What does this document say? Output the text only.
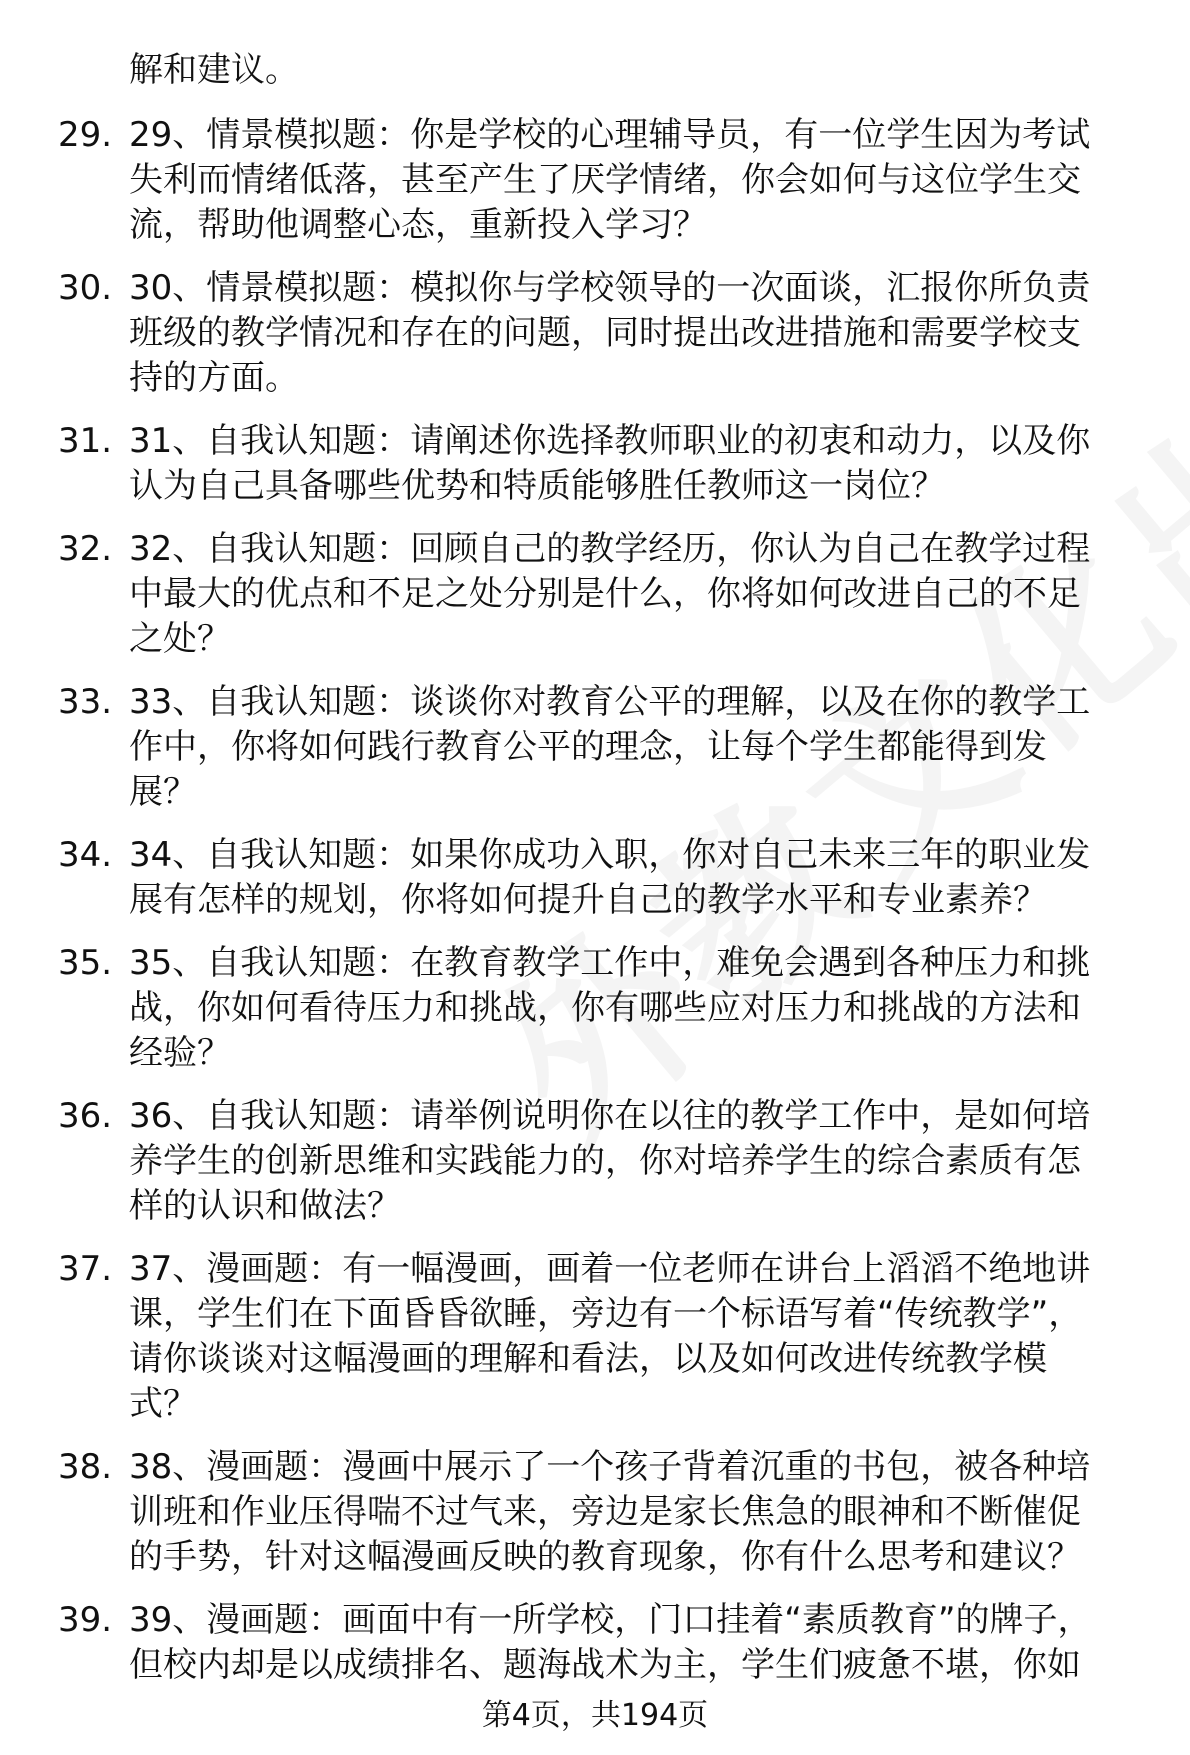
解和建议。
29. 29、情景模拟题：你是学校的心理辅导员，有一位学生因为考试
失利而情绪低落，甚至产生了厌学情绪，你会如何与这位学生交
流，帮助他调整心态，重新投入学习？
30. 30、情景模拟题：模拟你与学校领导的一次面谈，汇报你所负责
班级的教学情况和存在的问题，同时提出改进措施和需要学校支
持的方面。
31. 31、自我认知题：请阐述你选择教师职业的初衷和动力，以及你
认为自己具备哪些优势和特质能够胜任教师这一岗位？
32. 32、自我认知题：回顾自己的教学经历，你认为自己在教学过程
中最大的优点和不足之处分别是什么，你将如何改进自己的不足
之处？
33. 33、自我认知题：谈谈你对教育公平的理解，以及在你的教学工
作中，你将如何践行教育公平的理念，让每个学生都能得到发
展？
34. 34、自我认知题：如果你成功入职，你对自己未来三年的职业发
展有怎样的规划，你将如何提升自己的教学水平和专业素养？
35. 35、自我认知题：在教育教学工作中，难免会遇到各种压力和挑
战，你如何看待压力和挑战，你有哪些应对压力和挑战的方法和
经验？
36. 36、自我认知题：请举例说明你在以往的教学工作中，是如何培
养学生的创新思维和实践能力的，你对培养学生的综合素质有怎
样的认识和做法？
37. 37、漫画题：有一幅漫画，画着一位老师在讲台上滔滔不绝地讲
课，学生们在下面昏昏欲睡，旁边有一个标语写着“传统教学”，
请你谈谈对这幅漫画的理解和看法，以及如何改进传统教学模
式？
38. 38、漫画题：漫画中展示了一个孩子背着沉重的书包，被各种培
训班和作业压得喘不过气来，旁边是家长焦急的眼神和不断催促
的手势，针对这幅漫画反映的教育现象，你有什么思考和建议？
39. 39、漫画题：画面中有一所学校，门口挂着“素质教育”的牌子，
但校内却是以成绩排名、题海战术为主，学生们疲惫不堪，你如
第4页，共194页
